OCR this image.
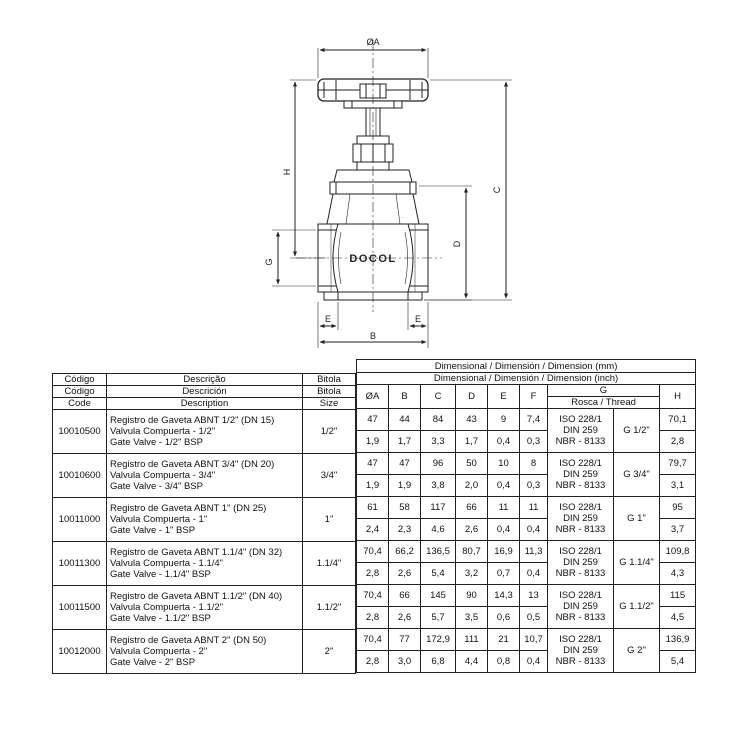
ØA
H
C
D
G
E	E
B
DOCOL
Código	Descrição	Bitola
Código	Descrición	Bitola
Code	Description	Size
10010500	Registro de Gaveta ABNT 1/2" (DN 15)
Valvula Compuerta - 1/2"
Gate Valve - 1/2" BSP	1/2"
10010600	Registro de Gaveta ABNT 3/4" (DN 20)
Valvula Compuerta - 3/4"
Gate Valve - 3/4" BSP	3/4"
10011000	Registro de Gaveta ABNT 1" (DN 25)
Valvula Compuerta - 1"
Gate Valve - 1" BSP	1"
10011300	Registro de Gaveta ABNT 1.1/4" (DN 32)
Valvula Compuerta - 1.1/4"
Gate Valve - 1.1/4" BSP	1.1/4"
10011500	Registro de Gaveta ABNT 1.1/2" (DN 40)
Valvula Compuerta - 1.1/2"
Gate Valve - 1.1/2" BSP	1.1/2"
10012000	Registro de Gaveta ABNT 2" (DN 50)
Valvula Compuerta - 2"
Gate Valve - 2" BSP	2"
Dimensional / Dimensión / Dimension (mm)								
Dimensional / Dimensión / Dimension (inch)								
ØA	B	C	D	E	F	G		H
						Rosca / Thread		
47	44	84	43	9	7,4	ISO 228/1
DIN 259
NBR - 8133	G 1/2"	70,1
1,9	1,7	3,3	1,7	0,4	0,3			2,8
47	47	96	50	10	8	ISO 228/1
DIN 259
NBR - 8133	G 3/4"	79,7
1,9	1,9	3,8	2,0	0,4	0,3			3,1
61	58	117	66	11	11	ISO 228/1
DIN 259
NBR - 8133	G 1"	95
2,4	2,3	4,6	2,6	0,4	0,4			3,7
70,4	66,2	136,5	80,7	16,9	11,3	ISO 228/1
DIN 259
NBR - 8133	G 1.1/4"	109,8
2,8	2,6	5,4	3,2	0,7	0,4			4,3
70,4	66	145	90	14,3	13	ISO 228/1
DIN 259
NBR - 8133	G 1.1/2"	115
2,8	2,6	5,7	3,5	0,6	0,5			4,5
70,4	77	172,9	111	21	10,7	ISO 228/1
DIN 259
NBR - 8133	G 2"	136,9
2,8	3,0	6,8	4,4	0,8	0,4			5,4
